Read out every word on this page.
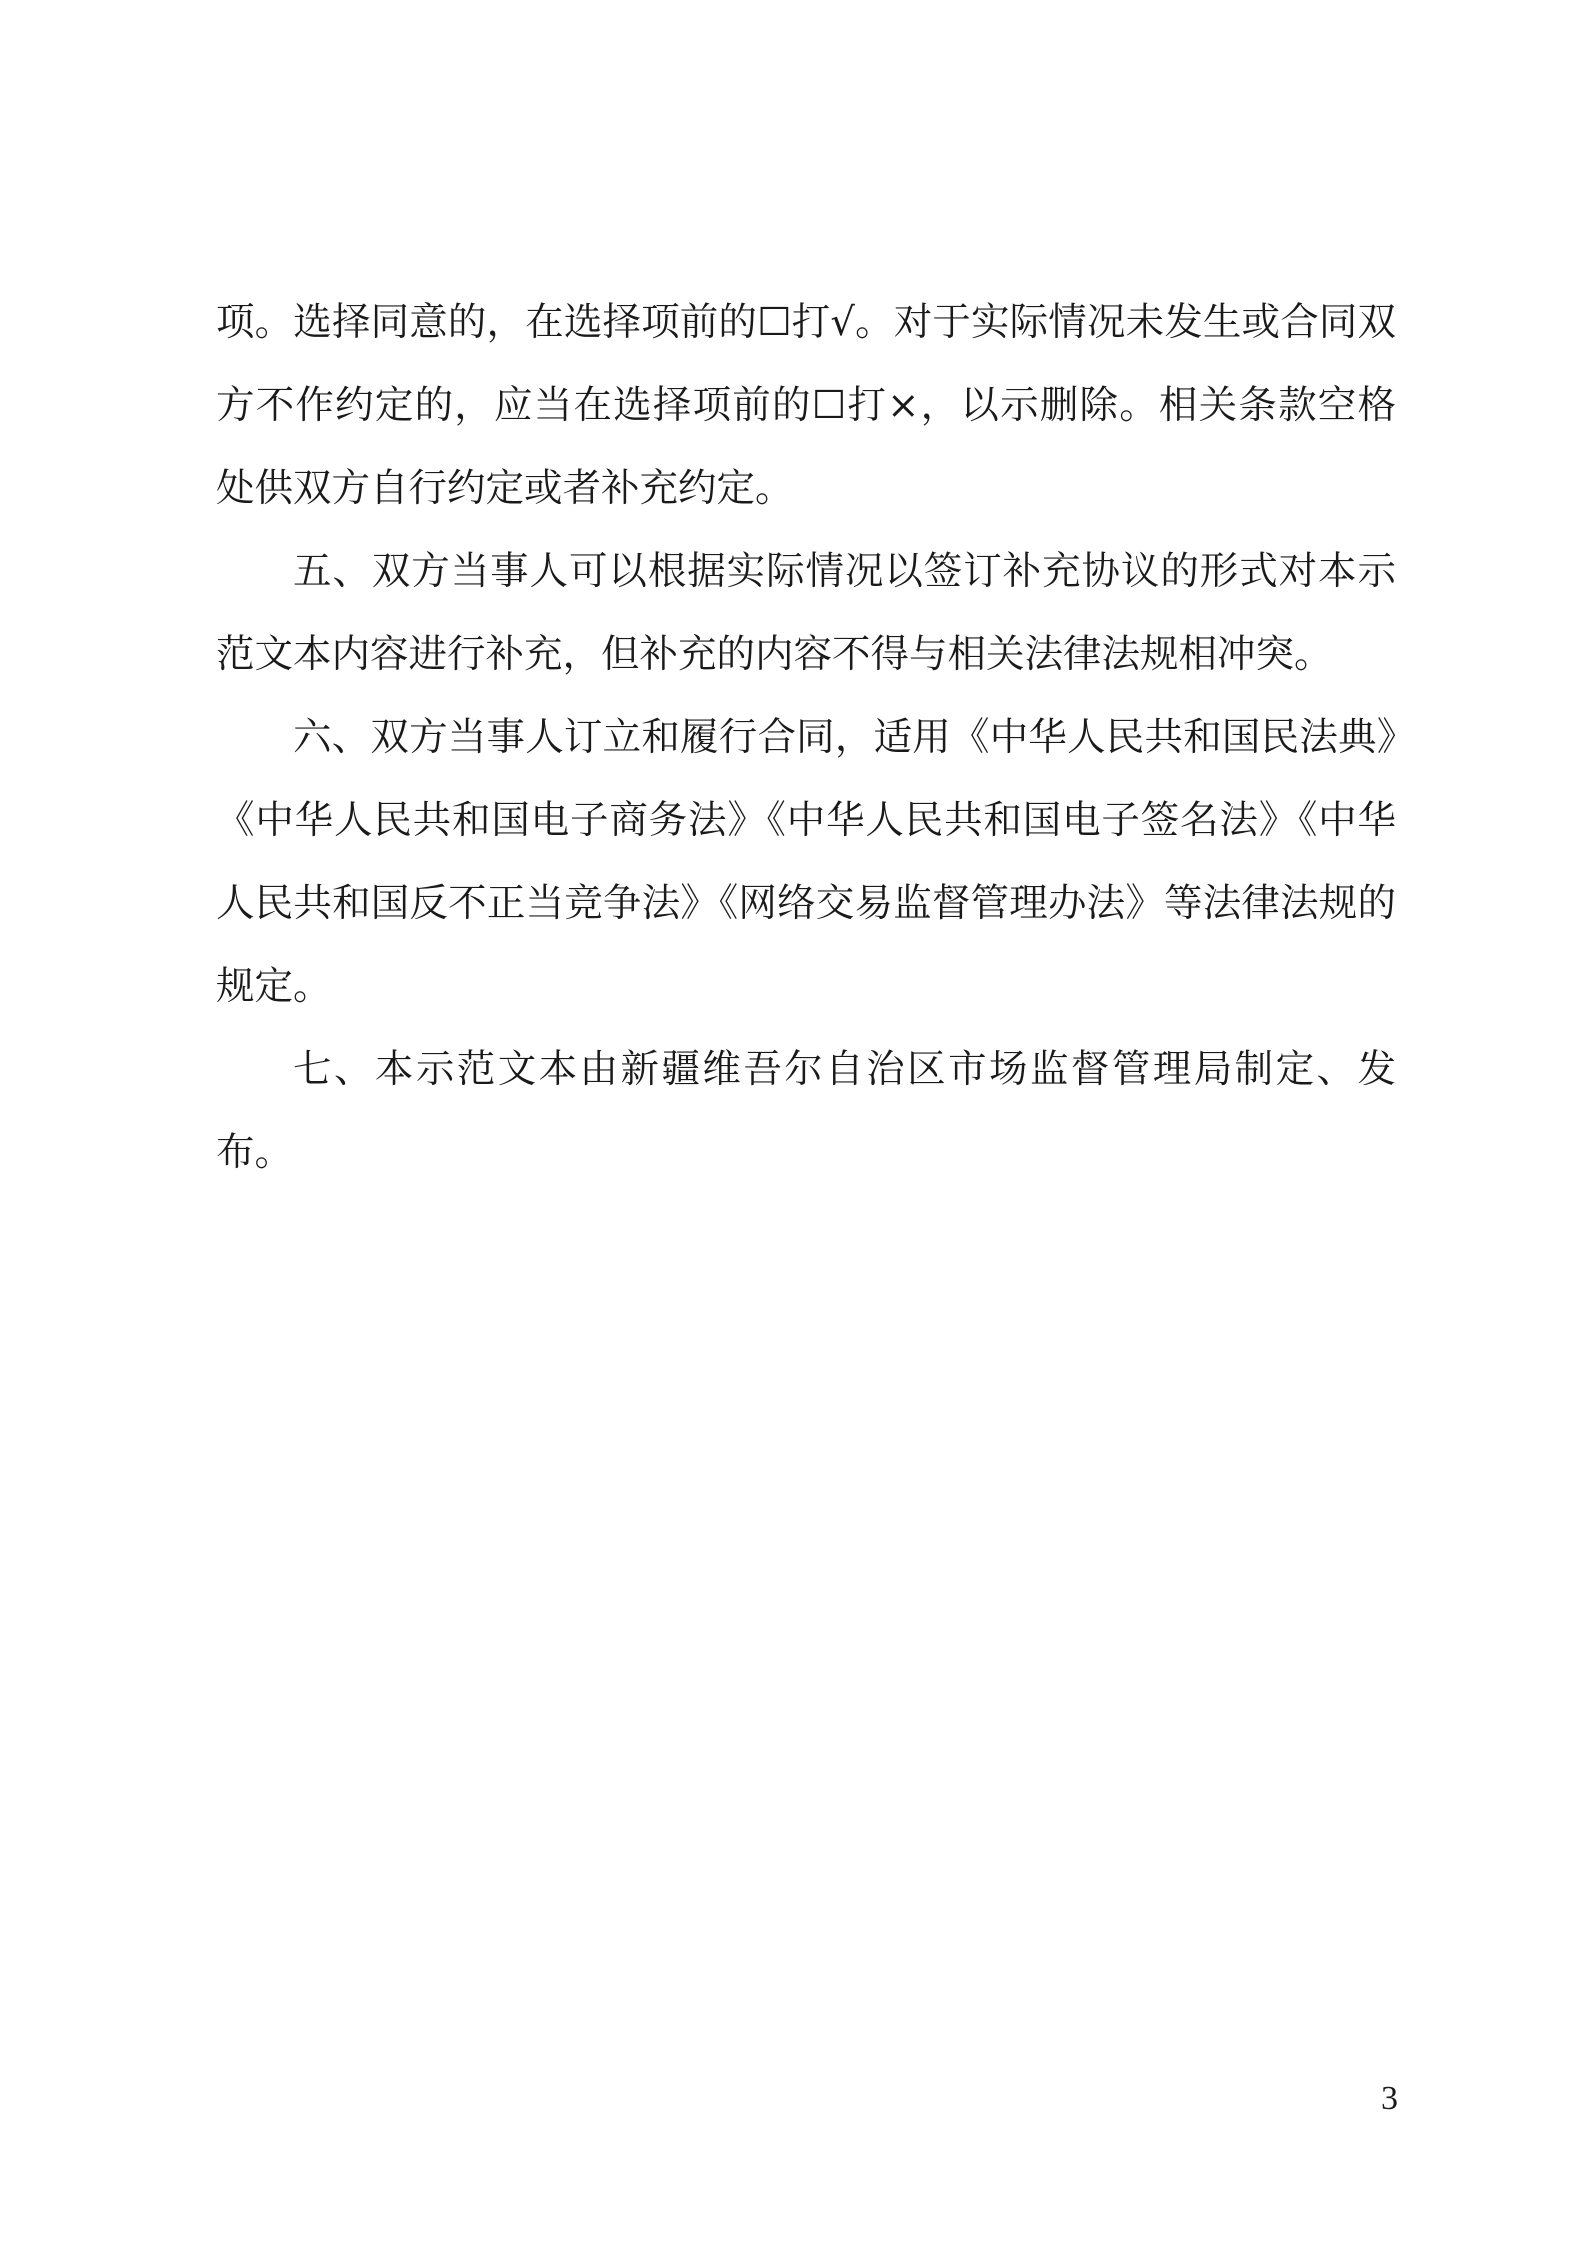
项。选择同意的，在选择项前的☐打√。对于实际情况未发生或合同双方不作约定的，应当在选择项前的☐打×，以示删除。相关条款空格处供双方自行约定或者补充约定。

五、双方当事人可以根据实际情况以签订补充协议的形式对本示范文本内容进行补充，但补充的内容不得与相关法律法规相冲突。

六、双方当事人订立和履行合同，适用《中华人民共和国民法典》《中华人民共和国电子商务法》《中华人民共和国电子签名法》《中华人民共和国反不正当竞争法》《网络交易监督管理办法》等法律法规的规定。

七、本示范文本由新疆维吾尔自治区市场监督管理局制定、发布。

3
